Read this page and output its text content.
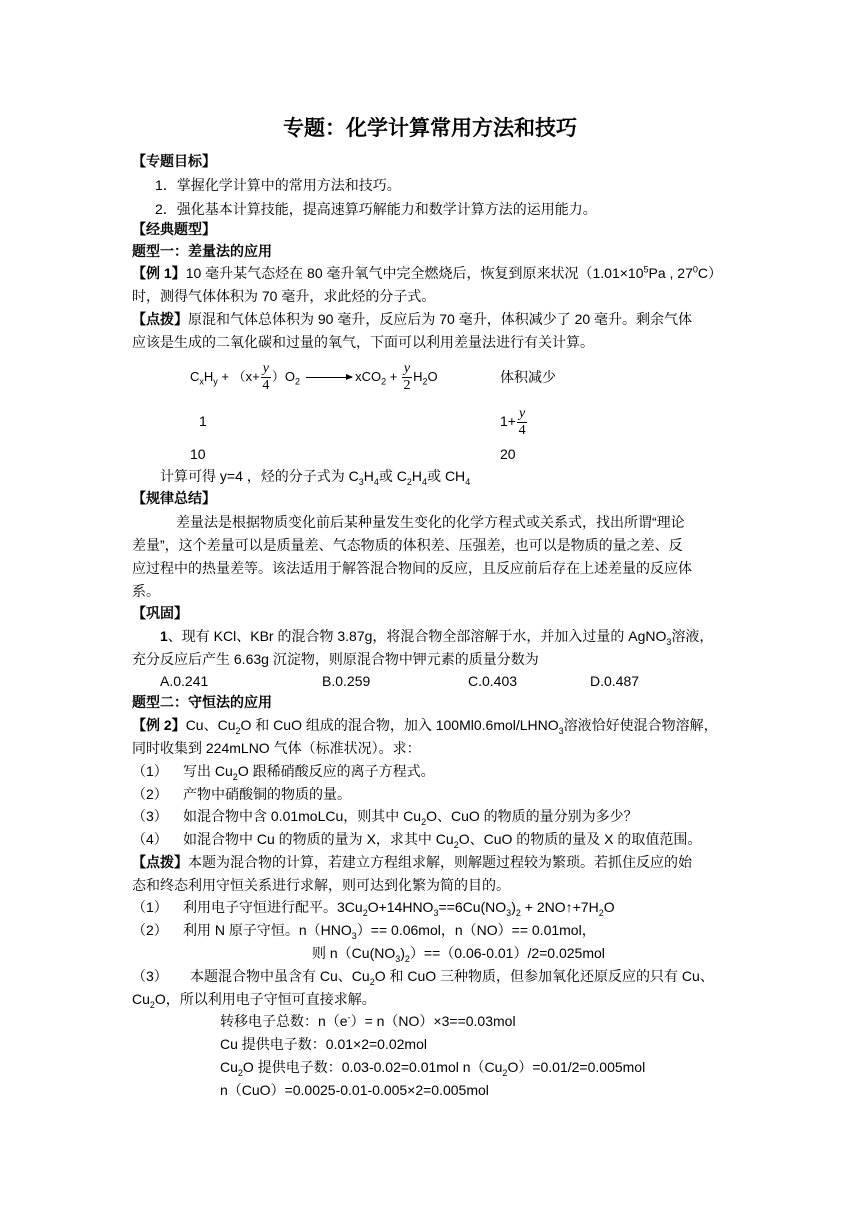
专题：化学计算常用方法和技巧
【专题目标】
1．掌握化学计算中的常用方法和技巧。
2．强化基本计算技能，提高速算巧解能力和数学计算方法的运用能力。
【经典题型】
题型一：差量法的应用
【例 1】10 毫升某气态烃在 80 毫升氧气中完全燃烧后，恢复到原来状况（$1.01\times 10^5Pa$ , $27^0C$）
时，测得气体体积为 70 毫升，求此烃的分子式。
【点拨】原混和气体总体积为 90 毫升，反应后为 70 毫升，体积减少了 20 毫升。剩余气体
应该是生成的二氧化碳和过量的氧气，下面可以利用差量法进行有关计算。
$C_xH_y + (x+ \frac{y}{4} )O_2 \to xCO_2 + \frac{y}{2} H_2O$	体积减少
1	$1+ \frac{y}{4}$
10	20
计算可得 y=4 ，烃的分子式为 $C_3H_4$或 $C_2H_4$或 $CH_4$
【规律总结】
差量法是根据物质变化前后某种量发生变化的化学方程式或关系式，找出所谓“理论
差量”，这个差量可以是质量差、气态物质的体积差、压强差，也可以是物质的量之差、反
应过程中的热量差等。该法适用于解答混合物间的反应，且反应前后存在上述差量的反应体
系。
【巩固】
1、现有 KCl、KBr 的混合物 3.87g，将混合物全部溶解于水，并加入过量的 AgNO$_3$溶液，
充分反应后产生 6.63g 沉淀物，则原混合物中钾元素的质量分数为
A.0.241	B.0.259	C.0.403	D.0.487
题型二：守恒法的应用
【例 2】Cu、$Cu_2O$ 和 CuO 组成的混合物，加入 $100Ml0.6mol/LHNO_3$溶液恰好使混合物溶解，
同时收集到 224mLNO 气体（标准状况）。求：
（1） 写出 $Cu_2O$ 跟稀硝酸反应的离子方程式。
（2） 产物中硝酸铜的物质的量。
（3） 如混合物中含 0.01moLCu，则其中 $Cu_2O$、CuO 的物质的量分别为多少？
（4） 如混合物中 Cu 的物质的量为 X，求其中 $Cu_2O$、CuO 的物质的量及 X 的取值范围。
【点拨】本题为混合物的计算，若建立方程组求解，则解题过程较为繁琐。若抓住反应的始
态和终态利用守恒关系进行求解，则可达到化繁为简的目的。
（1） 利用电子守恒进行配平。$3Cu_2O+14HNO_3==6Cu(NO_3)_2$ + $2NO↑+7H_2O$
（2） 利用 N 原子守恒。$n(HNO_3)== 0.06mol$，n（NO）== 0.01mol，
则 $n(Cu(NO_3)_2)==(0.06-0.01)/2=0.025mol$
（3） 本题混合物中虽含有 Cu、$Cu_2O$ 和 CuO 三种物质，但参加氧化还原反应的只有 Cu、
$Cu_2O$，所以利用电子守恒可直接求解。
转移电子总数：n（e-）= n（NO）×3==0.03mol
Cu 提供电子数：0.01×2=0.02mol
$Cu_2O$ 提供电子数：0.03-0.02=0.01mol $n(Cu_2O)=0.01/2=0.005mol$
n（CuO）=0.0025-0.01-0.005×2=0.005mol
